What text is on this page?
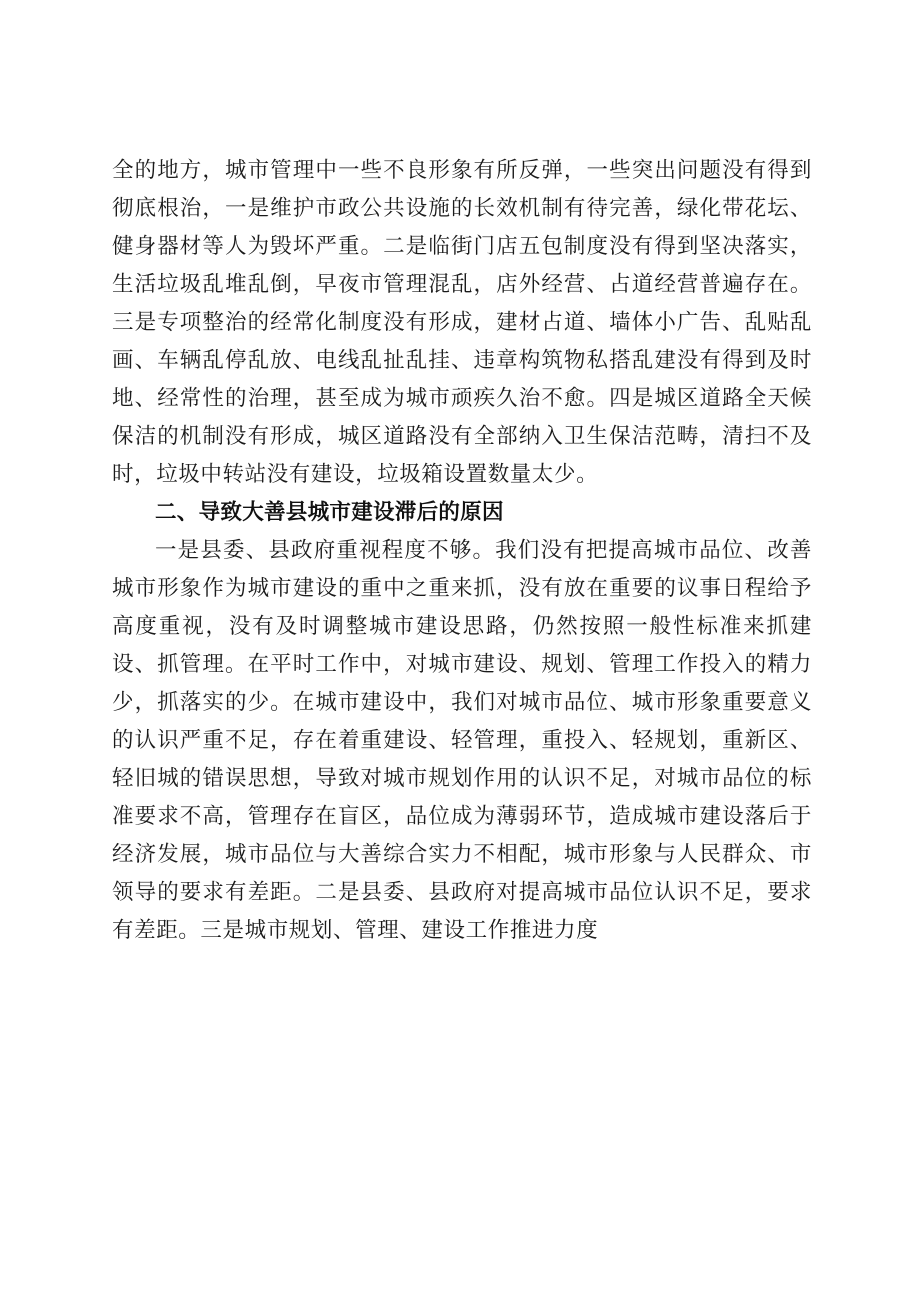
全的地方，城市管理中一些不良形象有所反弹，一些突出问题没有得到彻底根治，一是维护市政公共设施的长效机制有待完善，绿化带花坛、健身器材等人为毁坏严重。二是临街门店五包制度没有得到坚决落实，生活垃圾乱堆乱倒，早夜市管理混乱，店外经营、占道经营普遍存在。三是专项整治的经常化制度没有形成，建材占道、墙体小广告、乱贴乱画、车辆乱停乱放、电线乱扯乱挂、违章构筑物私搭乱建没有得到及时地、经常性的治理，甚至成为城市顽疾久治不愈。四是城区道路全天候保洁的机制没有形成，城区道路没有全部纳入卫生保洁范畴，清扫不及时，垃圾中转站没有建设，垃圾箱设置数量太少。

二、导致大善县城市建设滞后的原因

一是县委、县政府重视程度不够。我们没有把提高城市品位、改善城市形象作为城市建设的重中之重来抓，没有放在重要的议事日程给予高度重视，没有及时调整城市建设思路，仍然按照一般性标准来抓建设、抓管理。在平时工作中，对城市建设、规划、管理工作投入的精力少，抓落实的少。在城市建设中，我们对城市品位、城市形象重要意义的认识严重不足，存在着重建设、轻管理，重投入、轻规划，重新区、轻旧城的错误思想，导致对城市规划作用的认识不足，对城市品位的标准要求不高，管理存在盲区，品位成为薄弱环节，造成城市建设落后于经济发展，城市品位与大善综合实力不相配，城市形象与人民群众、市领导的要求有差距。二是县委、县政府对提高城市品位认识不足，要求有差距。三是城市规划、管理、建设工作推进力度
